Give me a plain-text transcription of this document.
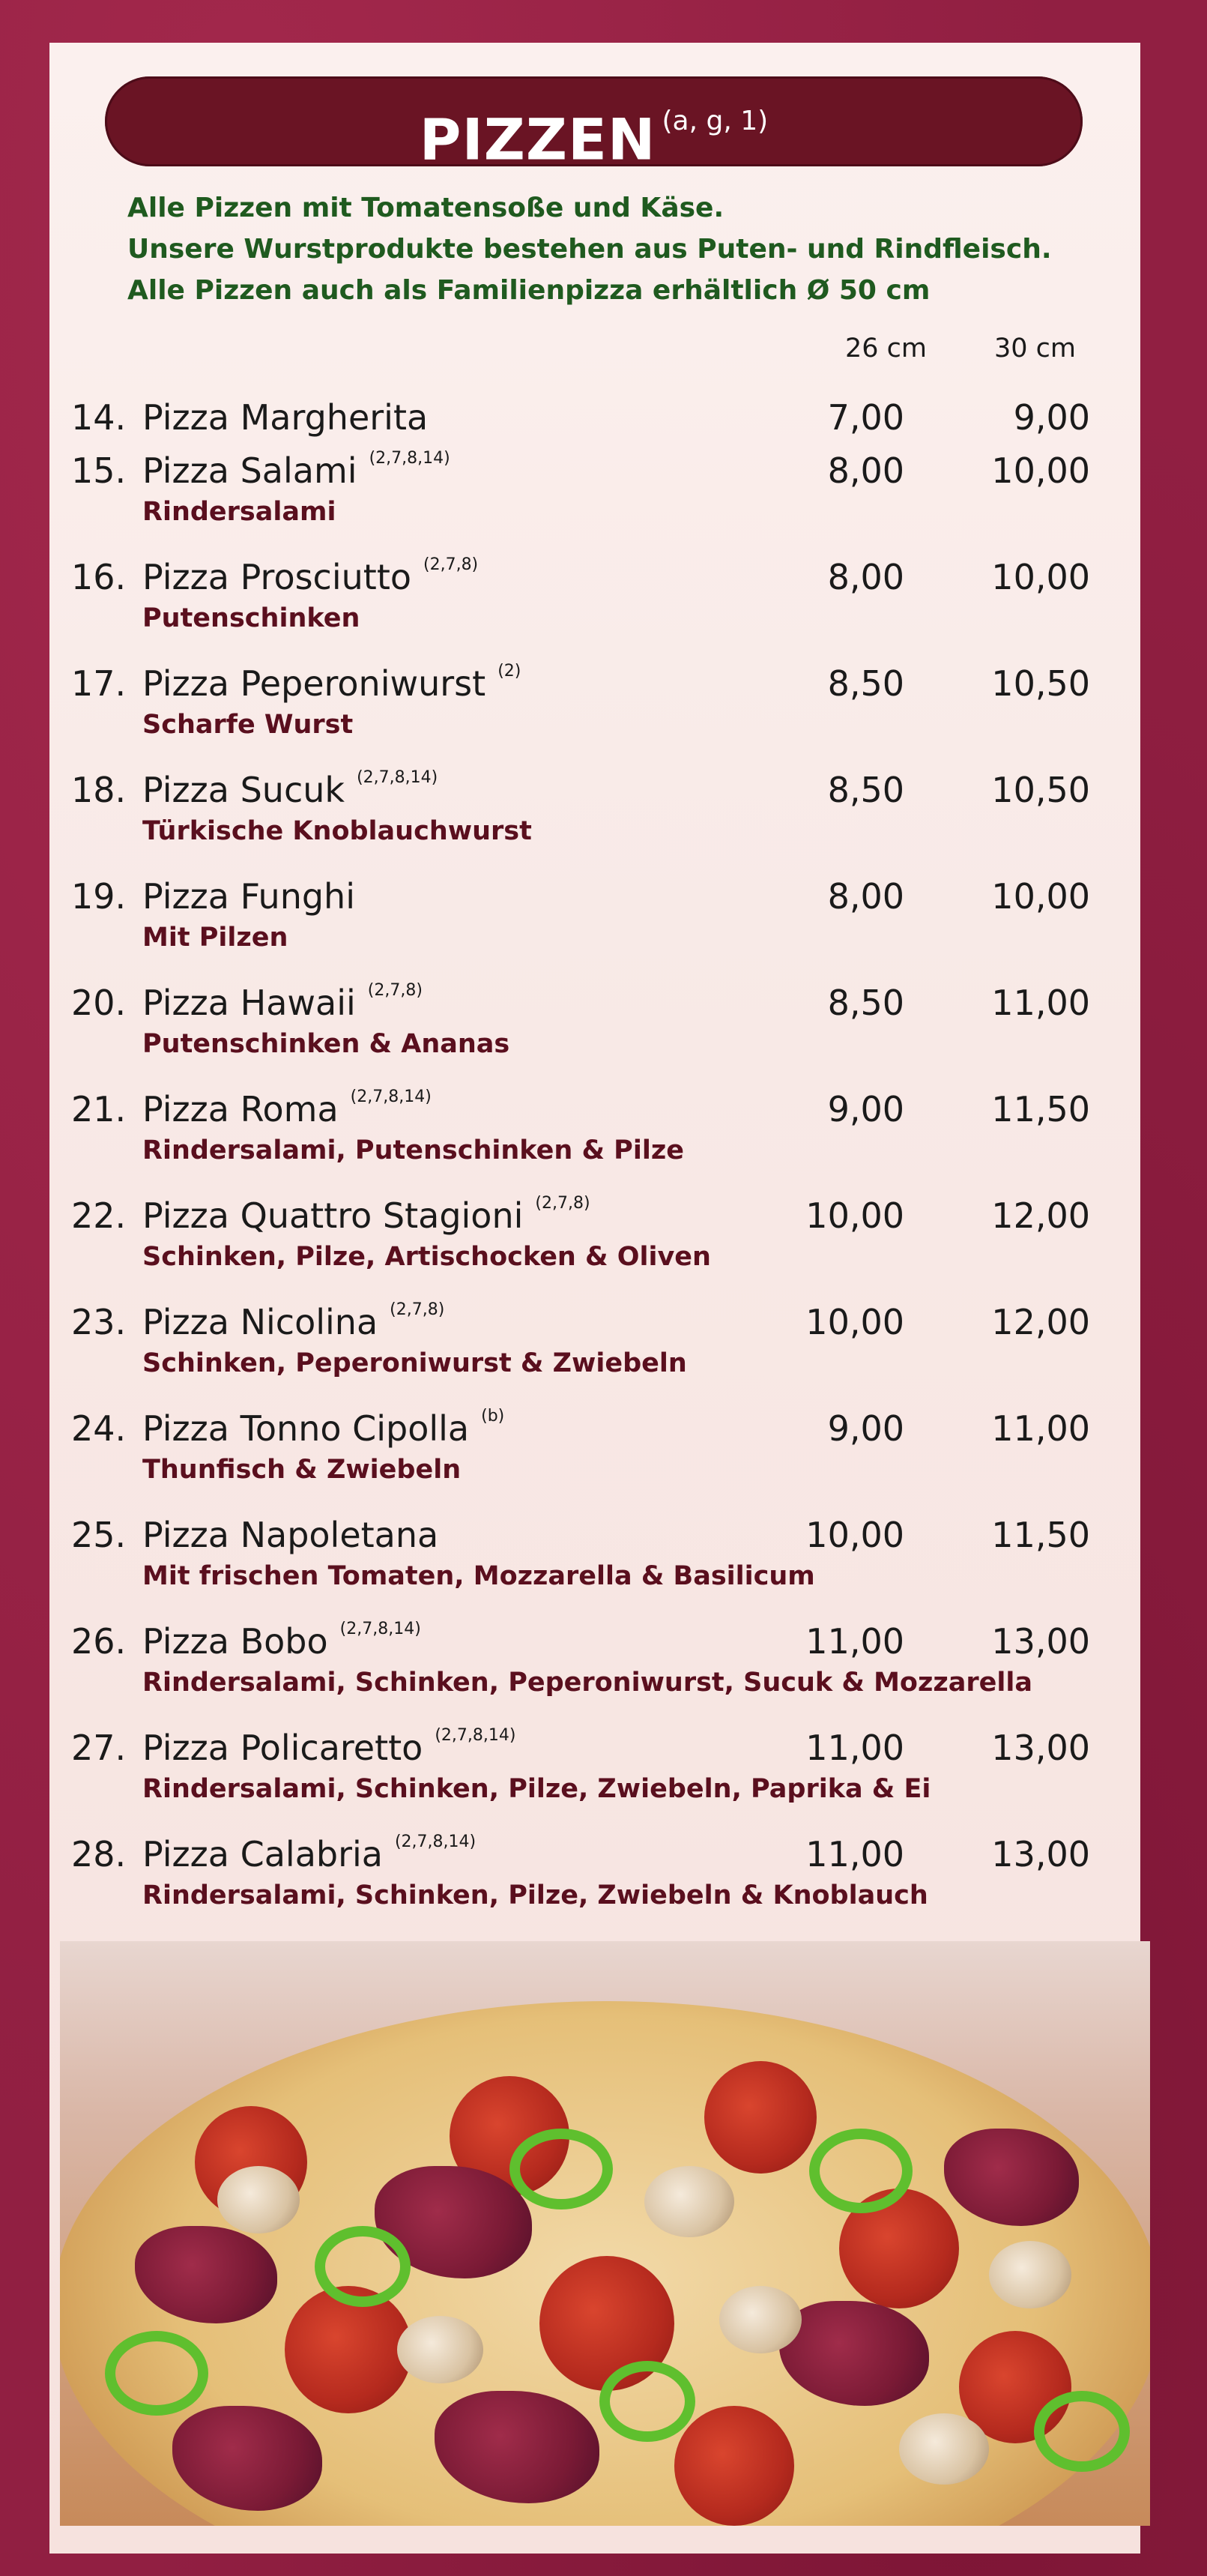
PIZZEN (a, g, 1)
Alle Pizzen mit Tomatensoße und Käse.
Unsere Wurstprodukte bestehen aus Puten- und Rindfleisch.
Alle Pizzen auch als Familienpizza erhältlich Ø 50 cm
26 cm	30 cm
14. Pizza Margherita	7,00	9,00
15. Pizza Salami $^{(2,7,8,14)}$
Rindersalami
8,00	10,00
16. Pizza Prosciutto $^{(2,7,8)}$
Putenschinken
8,00	10,00
17. Pizza Peperoniwurst $^{(2)}$
Scharfe Wurst
8,50	10,50
18. Pizza Sucuk $^{(2,7,8,14)}$
Türkische Knoblauchwurst
8,50	10,50
19. Pizza Funghi
Mit Pilzen
8,00	10,00
20. Pizza Hawaii $^{(2,7,8)}$
Putenschinken & Ananas
8,50	11,00
21. Pizza Roma $^{(2,7,8,14)}$
Rindersalami, Putenschinken & Pilze
9,00	11,50
22. Pizza Quattro Stagioni $^{(2,7,8)}$
Schinken, Pilze, Artischocken & Oliven
10,00	12,00
23. Pizza Nicolina $^{(2,7,8)}$
Schinken, Peperoniwurst & Zwiebeln
10,00	12,00
24. Pizza Tonno Cipolla $^{(b)}$
Thunfisch & Zwiebeln
9,00	11,00
25. Pizza Napoletana
Mit frischen Tomaten, Mozzarella & Basilicum
10,00	11,50
26. Pizza Bobo $^{(2,7,8,14)}$
Rindersalami, Schinken, Peperoniwurst, Sucuk & Mozzarella
11,00	13,00
27. Pizza Policaretto $^{(2,7,8,14)}$
Rindersalami, Schinken, Pilze, Zwiebeln, Paprika & Ei
11,00	13,00
28. Pizza Calabria $^{(2,7,8,14)}$
Rindersalami, Schinken, Pilze, Zwiebeln & Knoblauch
11,00	13,00
